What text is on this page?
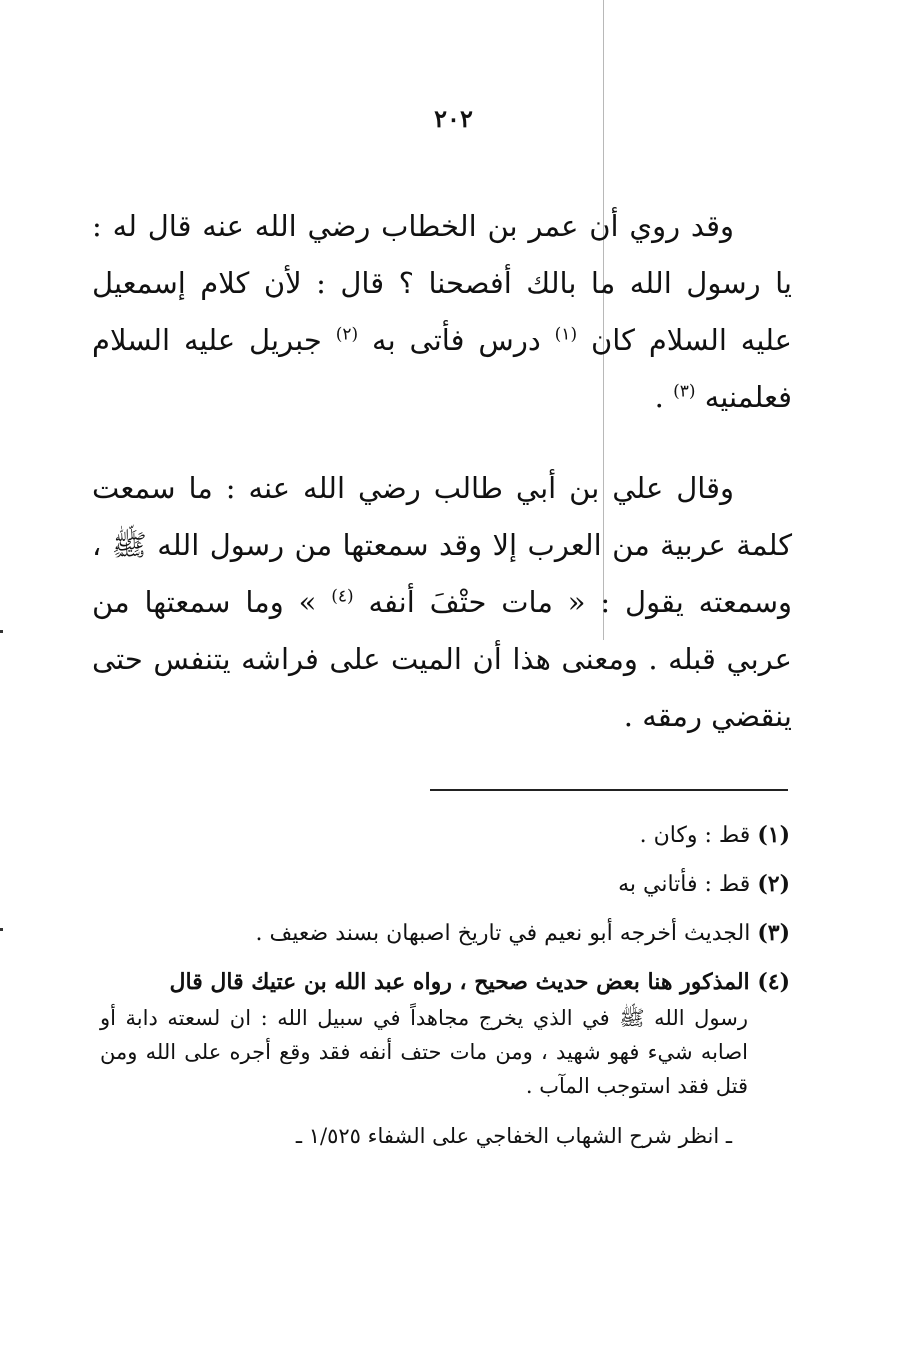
٢٠٢

وقد روي أن عمر بن الخطاب رضي الله عنه قال له : يا رسول الله ما بالك أفصحنا ؟ قال : لأن كلام إسمعيل عليه السلام كان $^{(١)}$ درس فأتى به $^{(٢)}$ جبريل عليه السلام فعلمنيه $^{(٣)}$ .

وقال علي بن أبي طالب رضي الله عنه : ما سمعت كلمة عربية من العرب إلا وقد سمعتها من رسول الله ﷺ ، وسمعته يقول : « مات حتْفَ أنفه $^{(٤)}$ » وما سمعتها من عربي قبله . ومعنى هذا أن الميت على فراشه يتنفس حتى ينقضي رمقه .

(١) قط : وكان .
(٢) قط : فأتاني به
(٣) الجديث أخرجه أبو نعيم في تاريخ اصبهان بسند ضعيف .
(٤) المذكور هنا بعض حديث صحيح ، رواه عبد الله بن عتيك قال قال
رسول الله ﷺ في الذي يخرج مجاهداً في سبيل الله : ان لسعته دابة أو اصابه شيء فهو شهيد ، ومن مات حتف أنفه فقد وقع أجره على الله ومن قتل فقد استوجب المآب .
ـ انظر شرح الشهاب الخفاجي على الشفاء ١/٥٢٥ ـ
